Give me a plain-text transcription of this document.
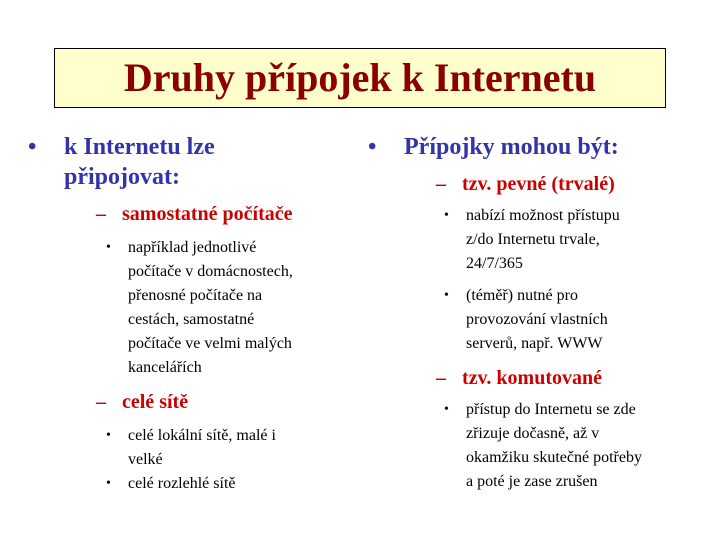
Druhy přípojek k Internetu
•	k Internetu lze
připojovat:
– samostatné počítače
•	například jednotlivé
počítače v domácnostech,
přenosné počítače na
cestách, samostatné
počítače ve velmi malých
kancelářích
– celé sítě
•	celé lokální sítě, malé i
velké
•	celé rozlehlé sítě
•	Přípojky mohou být:
– tzv. pevné (trvalé)
•	nabízí možnost přístupu
z/do Internetu trvale,
24/7/365
•	(téměř) nutné pro
provozování vlastních
serverů, např. WWW
– tzv. komutované
•	přístup do Internetu se zde
zřizuje dočasně, až v
okamžiku skutečné potřeby
a poté je zase zrušen
